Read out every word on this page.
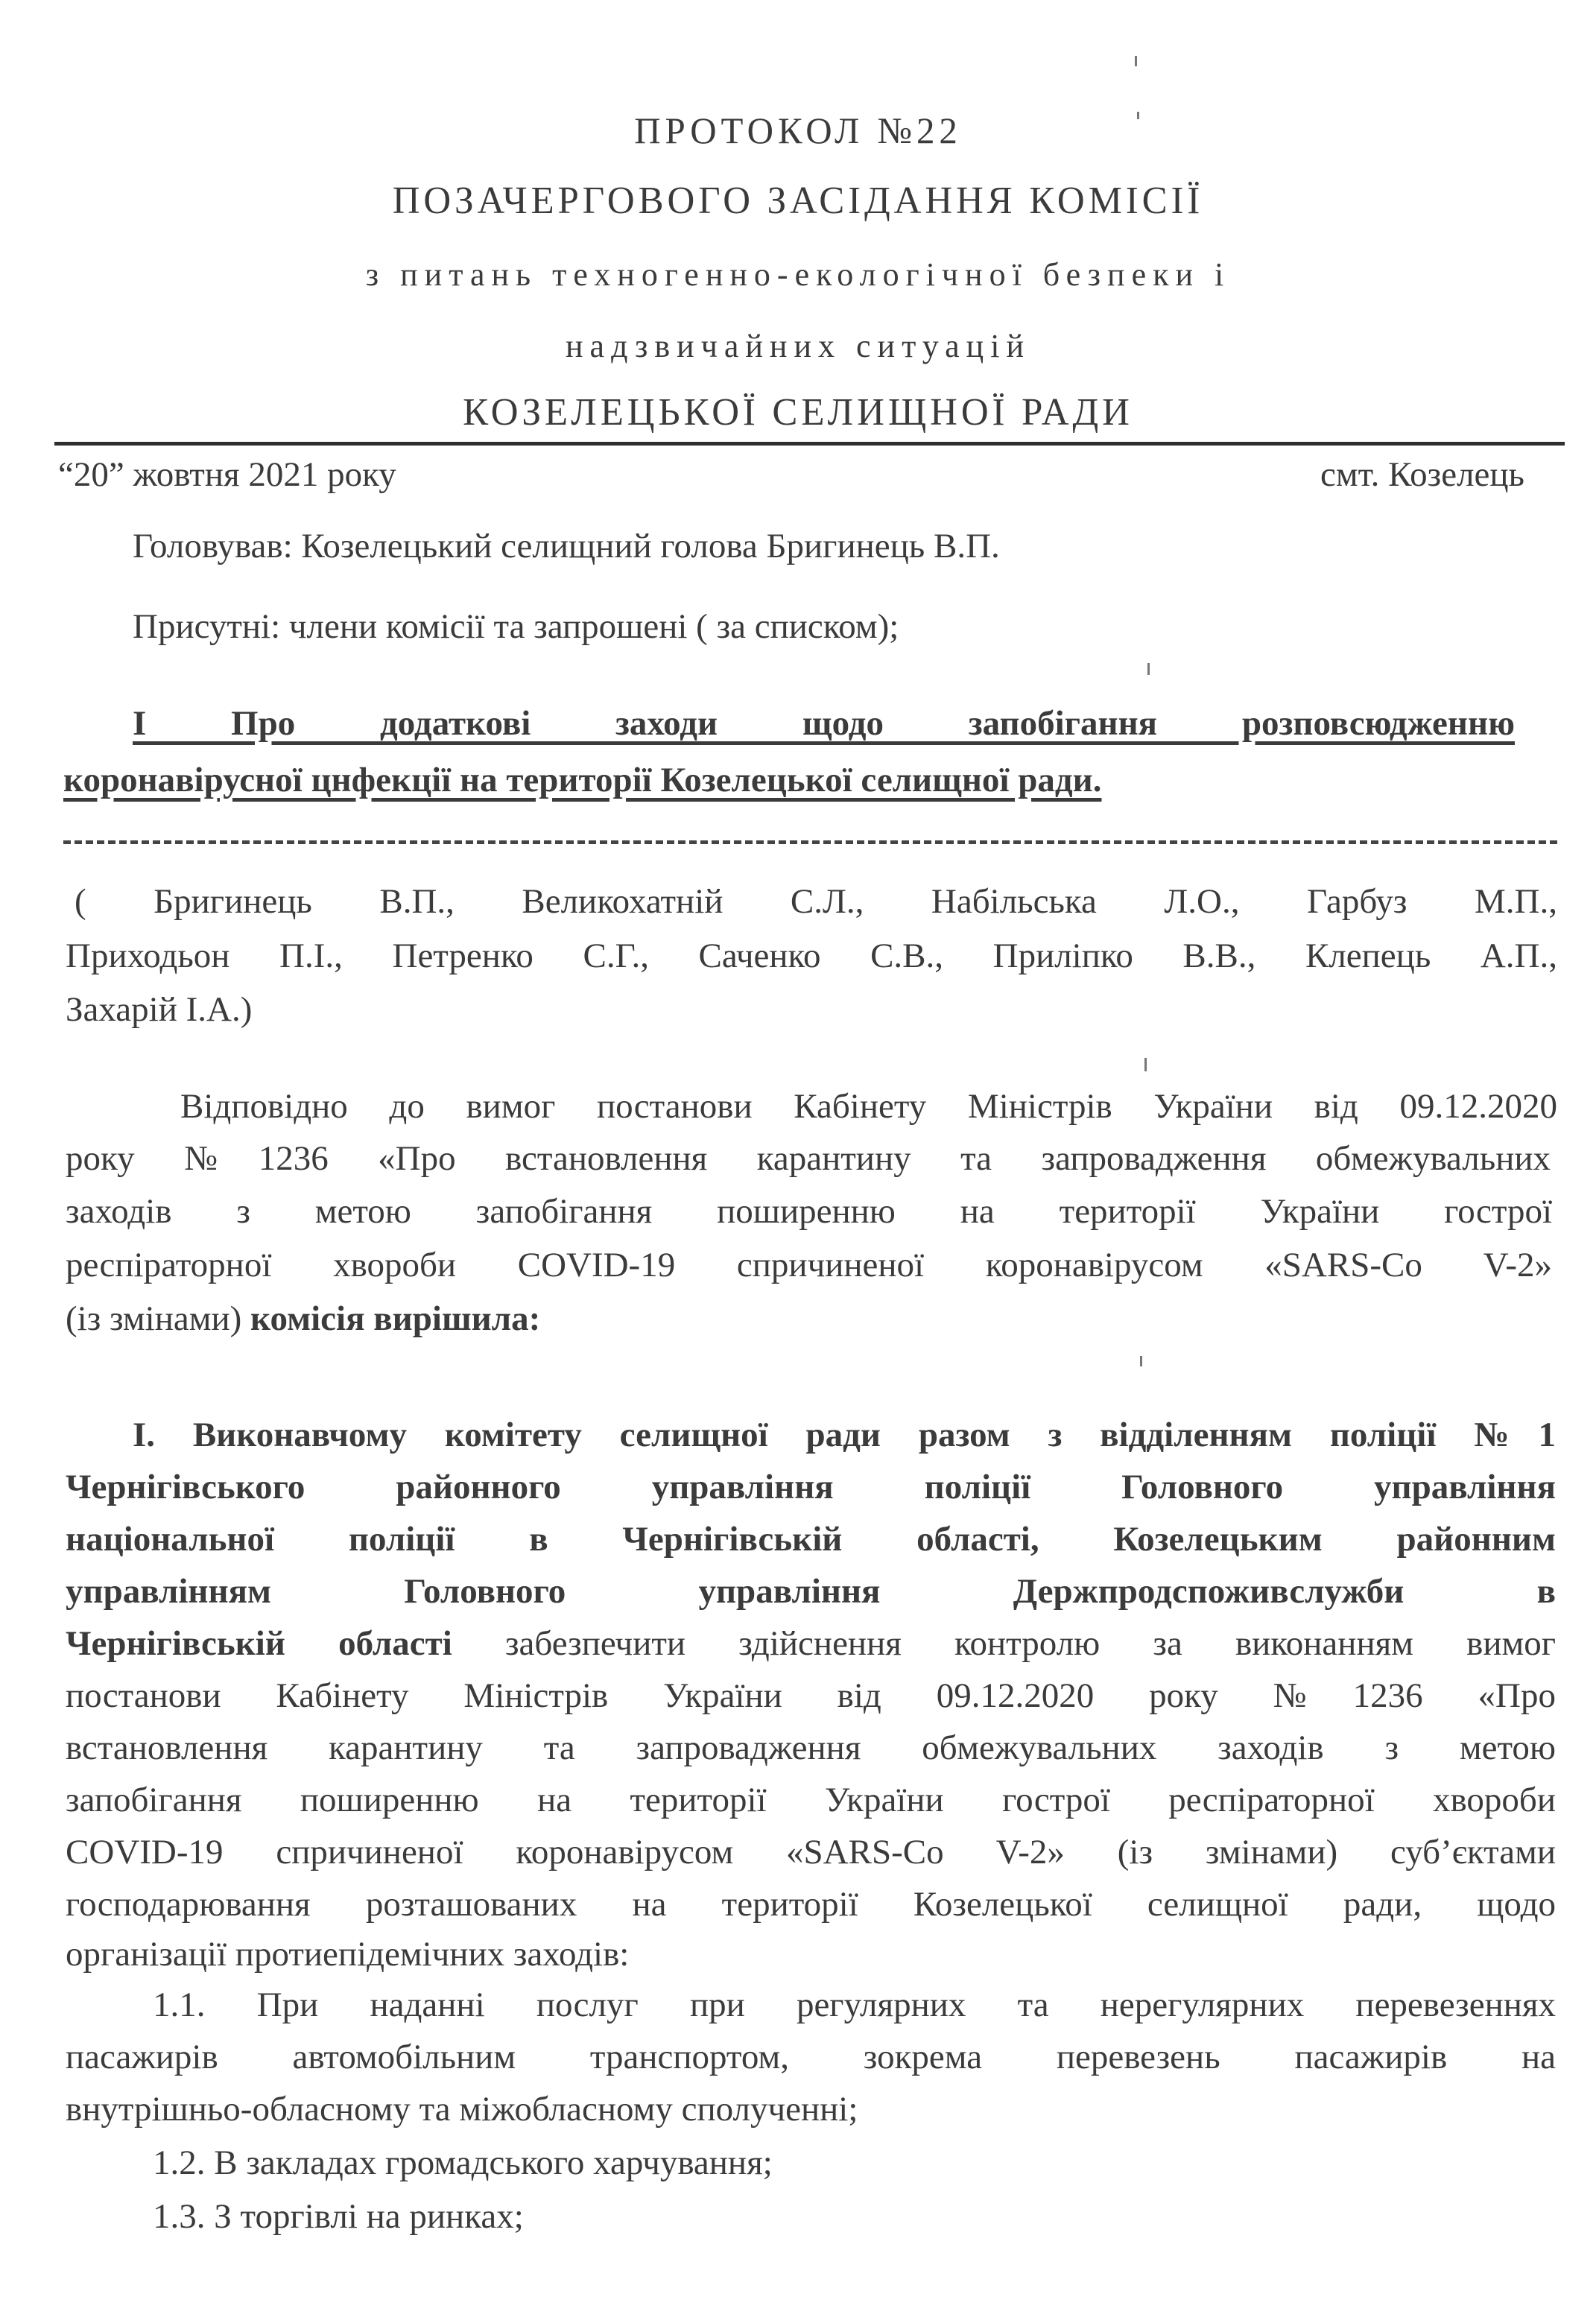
ПРОТОКОЛ №22
ПОЗАЧЕРГОВОГО ЗАСІДАННЯ КОМІСІЇ
з питань техногенно-екологічної безпеки і
надзвичайних ситуацій
КОЗЕЛЕЦЬКОЇ СЕЛИЩНОЇ РАДИ
“20” жовтня 2021 року	смт. Козелець
Головував: Козелецький селищний голова Бригинець В.П.
Присутні: члени комісії та запрошені ( за списком);
І Про додаткові заходи щодо запобігання розповсюдженню
коронавірусної цнфекції на території Козелецької селищної ради.
( Бригинець В.П., Великохатній С.Л., Набільська Л.О., Гарбуз М.П.,
Приходьон П.І., Петренко С.Г., Саченко С.В., Приліпко В.В., Клепець А.П.,
Захарій І.А.)
Відповідно до вимог постанови Кабінету Міністрів України від 09.12.2020
року №1236 «Про встановлення карантину та запровадження обмежувальних
заходів з метою запобігання поширенню на території України гострої
респіраторної хвороби COVID-19 спричиненої коронавірусом «SARS-Co V-2»
(із змінами) комісія вирішила:
І. Виконавчому комітету селищної ради разом з відділенням поліції №1
Чернігівського районного управління поліції Головного управління
національної поліції в Чернігівській області, Козелецьким районним
управлінням Головного управління Держпродспоживслужби в
Чернігівській області забезпечити здійснення контролю за виконанням вимог
постанови Кабінету Міністрів України від 09.12.2020 року №1236 «Про
встановлення карантину та запровадження обмежувальних заходів з метою
запобігання поширенню на території України гострої респіраторної хвороби
COVID-19 спричиненої коронавірусом «SARS-Co V-2» (із змінами) суб’єктами
господарювання розташованих на території Козелецької селищної ради, щодо
організації протиепідемічних заходів:
1.1. При наданні послуг при регулярних та нерегулярних перевезеннях
пасажирів автомобільним транспортом, зокрема перевезень пасажирів на
внутрішньо-обласному та міжобласному сполученні;
1.2. В закладах громадського харчування;
1.3. З торгівлі на ринках;
